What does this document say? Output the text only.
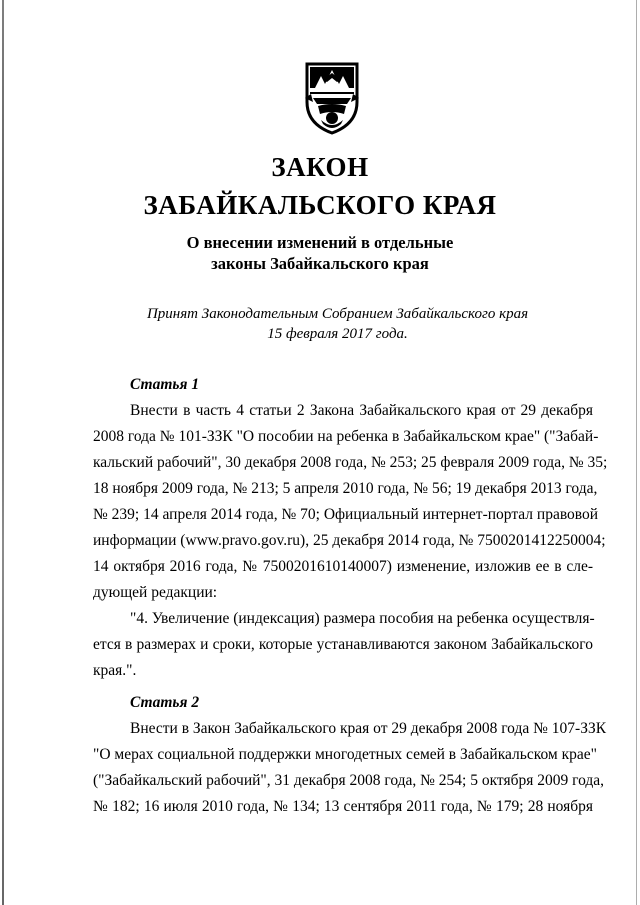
ЗАКОН
ЗАБАЙКАЛЬСКОГО КРАЯ
О внесении изменений в отдельные
законы Забайкальского края
Принят Законодательным Собранием Забайкальского края
15 февраля 2017 года.
Статья 1
Внести в часть 4 статьи 2 Закона Забайкальского края от 29 декабря
2008 года № 101-ЗЗК "О пособии на ребенка в Забайкальском крае" ("Забай-
кальский рабочий", 30 декабря 2008 года, № 253; 25 февраля 2009 года, № 35;
18 ноября 2009 года, № 213; 5 апреля 2010 года, № 56; 19 декабря 2013 года,
№ 239; 14 апреля 2014 года, № 70; Официальный интернет-портал правовой
информации (www.pravo.gov.ru), 25 декабря 2014 года, № 7500201412250004;
14 октября 2016 года, № 7500201610140007) изменение, изложив ее в сле-
дующей редакции:
"4. Увеличение (индексация) размера пособия на ребенка осуществля-
ется в размерах и сроки, которые устанавливаются законом Забайкальского
края.".
Статья 2
Внести в Закон Забайкальского края от 29 декабря 2008 года № 107-ЗЗК
"О мерах социальной поддержки многодетных семей в Забайкальском крае"
("Забайкальский рабочий", 31 декабря 2008 года, № 254; 5 октября 2009 года,
№ 182; 16 июля 2010 года, № 134; 13 сентября 2011 года, № 179; 28 ноября
